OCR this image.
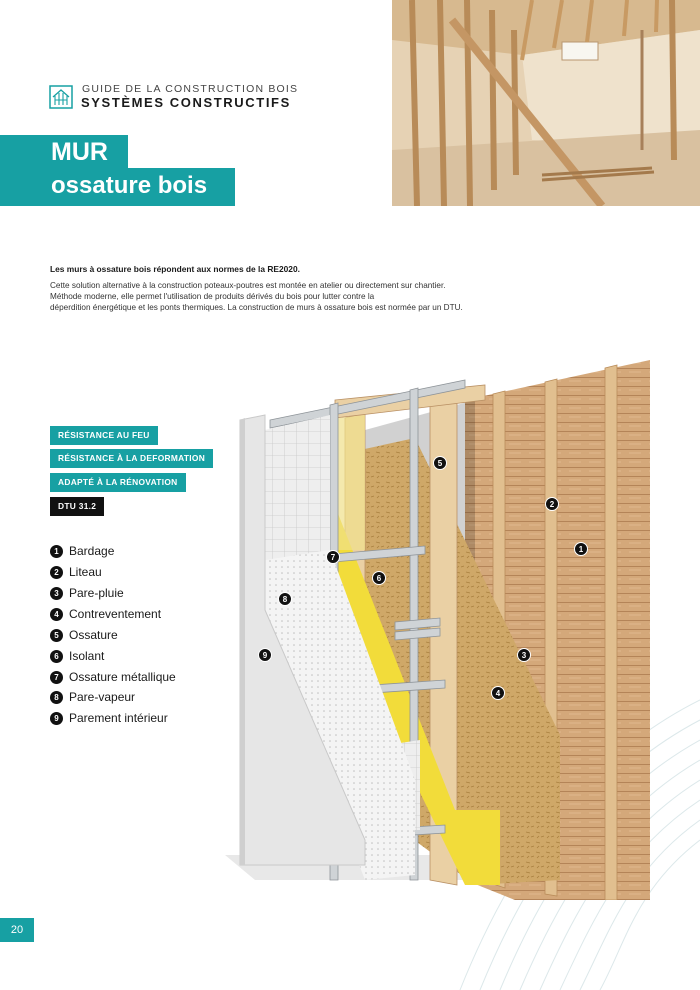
GUIDE DE LA CONSTRUCTION BOIS
SYSTÈMES CONSTRUCTIFS
MUR
ossature bois
Les murs à ossature bois répondent aux normes de la RE2020.
Cette solution alternative à la construction poteaux-poutres est montée en atelier ou directement sur chantier.
Méthode moderne, elle permet l'utilisation de produits dérivés du bois pour lutter contre la
déperdition énergétique et les ponts thermiques. La construction de murs à ossature bois est normée par un DTU.
1
2
3
4
5
6
7
8
9
RÉSISTANCE AU FEU
RÉSISTANCE À LA DEFORMATION
ADAPTÉ À LA RÉNOVATION
DTU 31.2
1 Bardage
2 Liteau
3 Pare-pluie
4 Contreventement
5 Ossature
6 Isolant
7 Ossature métallique
8 Pare-vapeur
9 Parement intérieur
20
